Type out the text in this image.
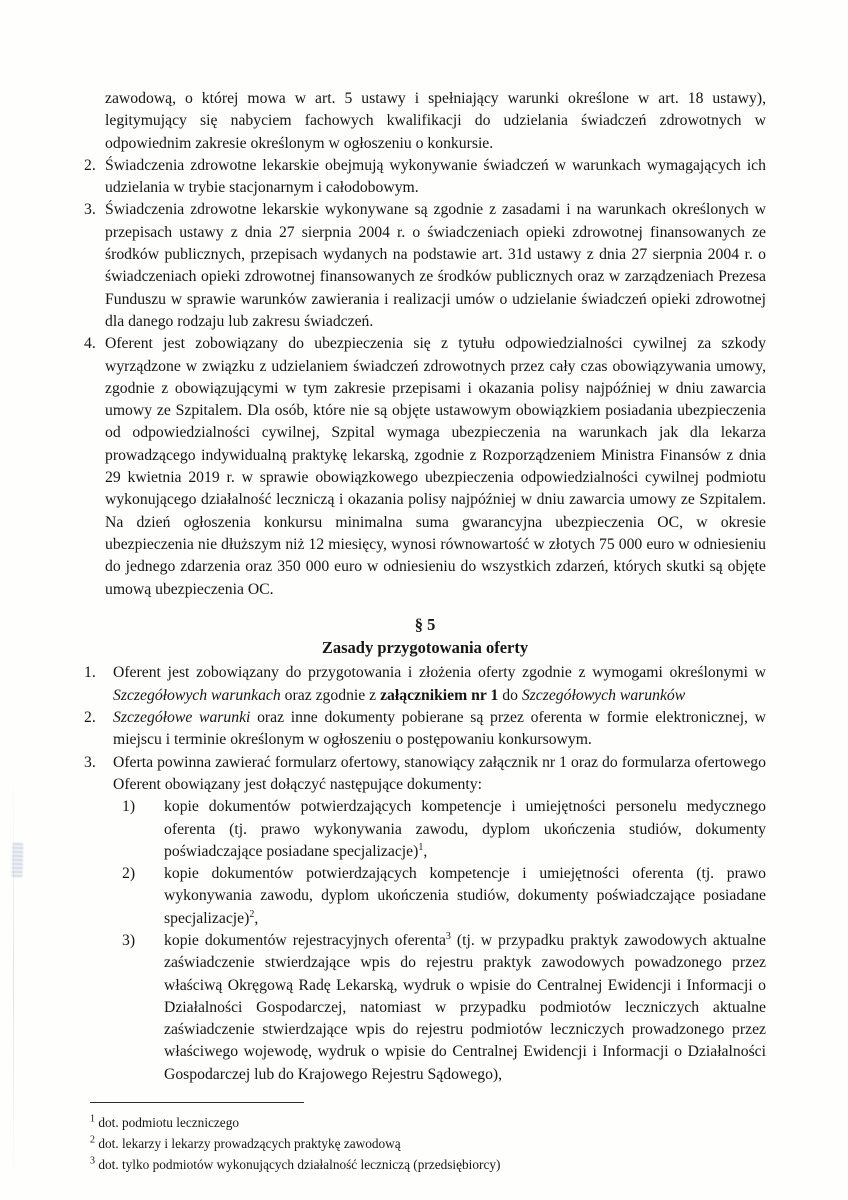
zawodową, o której mowa w art. 5 ustawy i spełniający warunki określone w art. 18 ustawy), legitymujący się nabyciem fachowych kwalifikacji do udzielania świadczeń zdrowotnych w odpowiednim zakresie określonym w ogłoszeniu o konkursie.

2. Świadczenia zdrowotne lekarskie obejmują wykonywanie świadczeń w warunkach wymagających ich udzielania w trybie stacjonarnym i całodobowym.
3. Świadczenia zdrowotne lekarskie wykonywane są zgodnie z zasadami i na warunkach określonych w przepisach ustawy z dnia 27 sierpnia 2004 r. o świadczeniach opieki zdrowotnej finansowanych ze środków publicznych, przepisach wydanych na podstawie art. 31d ustawy z dnia 27 sierpnia 2004 r. o świadczeniach opieki zdrowotnej finansowanych ze środków publicznych oraz w zarządzeniach Prezesa Funduszu w sprawie warunków zawierania i realizacji umów o udzielanie świadczeń opieki zdrowotnej dla danego rodzaju lub zakresu świadczeń.
4. Oferent jest zobowiązany do ubezpieczenia się z tytułu odpowiedzialności cywilnej za szkody wyrządzone w związku z udzielaniem świadczeń zdrowotnych przez cały czas obowiązywania umowy, zgodnie z obowiązującymi w tym zakresie przepisami i okazania polisy najpóźniej w dniu zawarcia umowy ze Szpitalem. Dla osób, które nie są objęte ustawowym obowiązkiem posiadania ubezpieczenia od odpowiedzialności cywilnej, Szpital wymaga ubezpieczenia na warunkach jak dla lekarza prowadzącego indywidualną praktykę lekarską, zgodnie z Rozporządzeniem Ministra Finansów z dnia 29 kwietnia 2019 r. w sprawie obowiązkowego ubezpieczenia odpowiedzialności cywilnej podmiotu wykonującego działalność leczniczą i okazania polisy najpóźniej w dniu zawarcia umowy ze Szpitalem. Na dzień ogłoszenia konkursu minimalna suma gwarancyjna ubezpieczenia OC, w okresie ubezpieczenia nie dłuższym niż 12 miesięcy, wynosi równowartość w złotych 75 000 euro w odniesieniu do jednego zdarzenia oraz 350 000 euro w odniesieniu do wszystkich zdarzeń, których skutki są objęte umową ubezpieczenia OC.
§ 5
Zasady przygotowania oferty
1. Oferent jest zobowiązany do przygotowania i złożenia oferty zgodnie z wymogami określonymi w Szczegółowych warunkach oraz zgodnie z załącznikiem nr 1 do Szczegółowych warunków
2. Szczegółowe warunki oraz inne dokumenty pobierane są przez oferenta w formie elektronicznej, w miejscu i terminie określonym w ogłoszeniu o postępowaniu konkursowym.
3. Oferta powinna zawierać formularz ofertowy, stanowiący załącznik nr 1 oraz do formularza ofertowego Oferent obowiązany jest dołączyć następujące dokumenty:
1) kopie dokumentów potwierdzających kompetencje i umiejętności personelu medycznego oferenta (tj. prawo wykonywania zawodu, dyplom ukończenia studiów, dokumenty poświadczające posiadane specjalizacje)$^1$,
2) kopie dokumentów potwierdzających kompetencje i umiejętności oferenta (tj. prawo wykonywania zawodu, dyplom ukończenia studiów, dokumenty poświadczające posiadane specjalizacje)$^2$,
3) kopie dokumentów rejestracyjnych oferenta$^3$ (tj. w przypadku praktyk zawodowych aktualne zaświadczenie stwierdzające wpis do rejestru praktyk zawodowych powadzonego przez właściwą Okręgową Radę Lekarską, wydruk o wpisie do Centralnej Ewidencji i Informacji o Działalności Gospodarczej, natomiast w przypadku podmiotów leczniczych aktualne zaświadczenie stwierdzające wpis do rejestru podmiotów leczniczych prowadzonego przez właściwego wojewodę, wydruk o wpisie do Centralnej Ewidencji i Informacji o Działalności Gospodarczej lub do Krajowego Rejestru Sądowego),

$^1$ dot. podmiotu leczniczego

$^2$ dot. lekarzy i lekarzy prowadzących praktykę zawodową

$^3$ dot. tylko podmiotów wykonujących działalność leczniczą (przedsiębiorcy)
